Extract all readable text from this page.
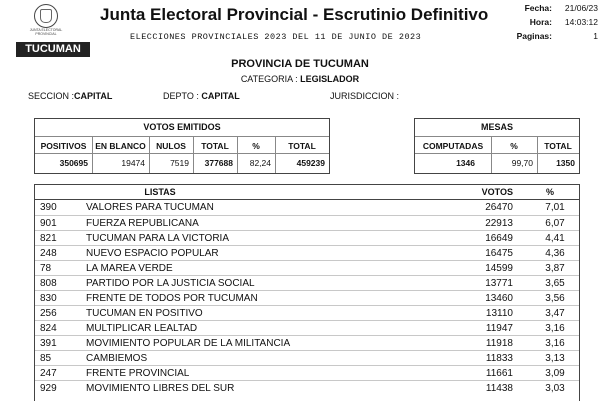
JUNTA ELECTORAL PROVINCIAL
Junta Electoral Provincial - Escrutinio Definitivo
ELECCIONES PROVINCIALES 2023 DEL 11 DE JUNIO DE 2023
Fecha:	21/06/23
Hora:	14:03:12
Paginas:	1
TUCUMAN
PROVINCIA DE TUCUMAN
CATEGORIA : LEGISLADOR
SECCION :CAPITAL	DEPTO : CAPITAL	JURISDICCION :
VOTOS EMITIDOS
POSITIVOS	EN BLANCO	NULOS	TOTAL	%	TOTAL
350695	19474	7519	377688	82,24	459239
MESAS
COMPUTADAS	%	TOTAL
1346	99,70	1350
LISTAS	VOTOS	%
390	VALORES PARA TUCUMAN	26470	7,01
901	FUERZA REPUBLICANA	22913	6,07
821	TUCUMAN PARA LA VICTORIA	16649	4,41
248	NUEVO ESPACIO POPULAR	16475	4,36
78	LA MAREA VERDE	14599	3,87
808	PARTIDO POR LA JUSTICIA SOCIAL	13771	3,65
830	FRENTE DE TODOS POR TUCUMAN	13460	3,56
256	TUCUMAN EN POSITIVO	13110	3,47
824	MULTIPLICAR LEALTAD	11947	3,16
391	MOVIMIENTO POPULAR DE LA MILITANCIA	11918	3,16
85	CAMBIEMOS	11833	3,13
247	FRENTE PROVINCIAL	11661	3,09
929	MOVIMIENTO LIBRES DEL SUR	11438	3,03
